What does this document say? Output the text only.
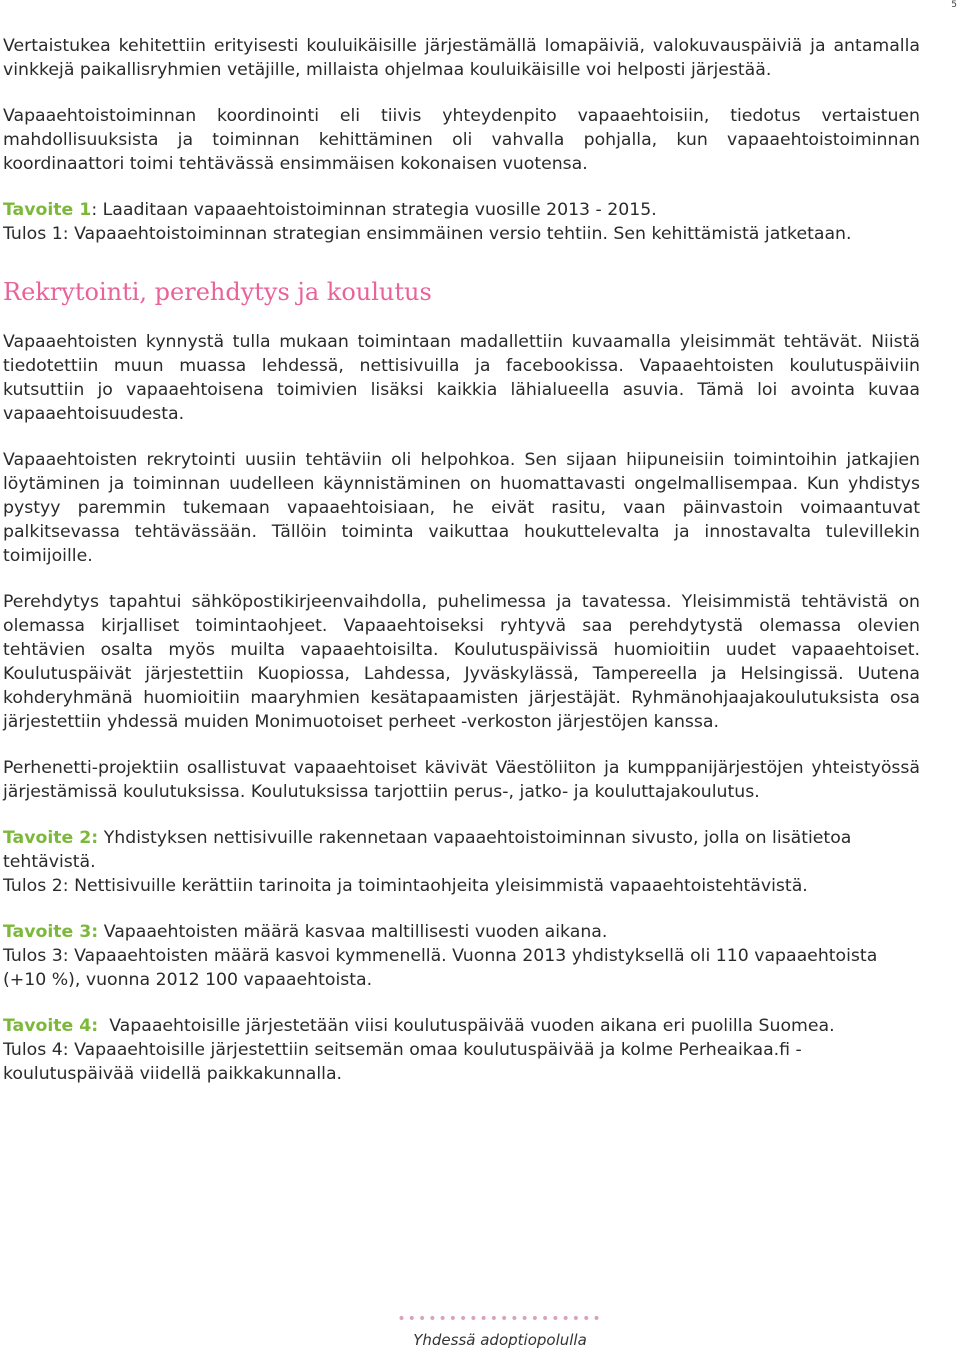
5

Vertaistukea kehitettiin erityisesti kouluikäisille järjestämällä lomapäiviä, valokuvauspäiviä ja antamalla vinkkejä paikallisryhmien vetäjille, millaista ohjelmaa kouluikäisille voi helposti järjestää.

Vapaaehtoistoiminnan koordinointi eli tiivis yhteydenpito vapaaehtoisiin, tiedotus vertaistuen mahdollisuuksista ja toiminnan kehittäminen oli vahvalla pohjalla, kun vapaaehtoistoiminnan koordinaattori toimi tehtävässä ensimmäisen kokonaisen vuotensa.

Tavoite 1: Laaditaan vapaaehtoistoiminnan strategia vuosille 2013 - 2015.

Tulos 1: Vapaaehtoistoiminnan strategian ensimmäinen versio tehtiin. Sen kehittämistä jatketaan.

Rekrytointi, perehdytys ja koulutus

Vapaaehtoisten kynnystä tulla mukaan toimintaan madallettiin kuvaamalla yleisimmät tehtävät. Niistä tiedotettiin muun muassa lehdessä, nettisivuilla ja facebookissa. Vapaaehtoisten koulutuspäiviin kutsuttiin jo vapaaehtoisena toimivien lisäksi kaikkia lähialueella asuvia. Tämä loi avointa kuvaa vapaaehtoisuudesta.

Vapaaehtoisten rekrytointi uusiin tehtäviin oli helpohkoa. Sen sijaan hiipuneisiin toimintoihin jatkajien löytäminen ja toiminnan uudelleen käynnistäminen on huomattavasti ongelmallisempaa. Kun yhdistys pystyy paremmin tukemaan vapaaehtoisiaan, he eivät rasitu, vaan päinvastoin voimaantuvat palkitsevassa tehtävässään. Tällöin toiminta vaikuttaa houkuttelevalta ja innostavalta tulevillekin toimijoille.

Perehdytys tapahtui sähköpostikirjeenvaihdolla, puhelimessa ja tavatessa. Yleisimmistä tehtävistä on olemassa kirjalliset toimintaohjeet. Vapaaehtoiseksi ryhtyvä saa perehdytystä olemassa olevien tehtävien osalta myös muilta vapaaehtoisilta. Koulutuspäivissä huomioitiin uudet vapaaehtoiset. Koulutuspäivät järjestettiin Kuopiossa, Lahdessa, Jyväskylässä, Tampereella ja Helsingissä. Uutena kohderyhmänä huomioitiin maaryhmien kesätapaamisten järjestäjät. Ryhmänohjaajakoulutuksista osa järjestettiin yhdessä muiden Monimuotoiset perheet -verkoston järjestöjen kanssa.

Perhenetti-projektiin osallistuvat vapaaehtoiset kävivät Väestöliiton ja kumppanijärjestöjen yhteistyössä järjestämissä koulutuksissa. Koulutuksissa tarjottiin perus-, jatko- ja kouluttajakoulutus.

Tavoite 2: Yhdistyksen nettisivuille rakennetaan vapaaehtoistoiminnan sivusto, jolla on lisätietoa tehtävistä.

Tulos 2: Nettisivuille kerättiin tarinoita ja toimintaohjeita yleisimmistä vapaaehtoistehtävistä.

Tavoite 3: Vapaaehtoisten määrä kasvaa maltillisesti vuoden aikana.

Tulos 3: Vapaaehtoisten määrä kasvoi kymmenellä. Vuonna 2013 yhdistyksellä oli 110 vapaaehtoista (+10 %), vuonna 2012 100 vapaaehtoista.

Tavoite 4:  Vapaaehtoisille järjestetään viisi koulutuspäivää vuoden aikana eri puolilla Suomea.

Tulos 4: Vapaaehtoisille järjestettiin seitsemän omaa koulutuspäivää ja kolme Perheaikaa.fi -koulutuspäivää viidellä paikkakunnalla.

••••••••••••••••••••
Yhdessä adoptiopolulla
